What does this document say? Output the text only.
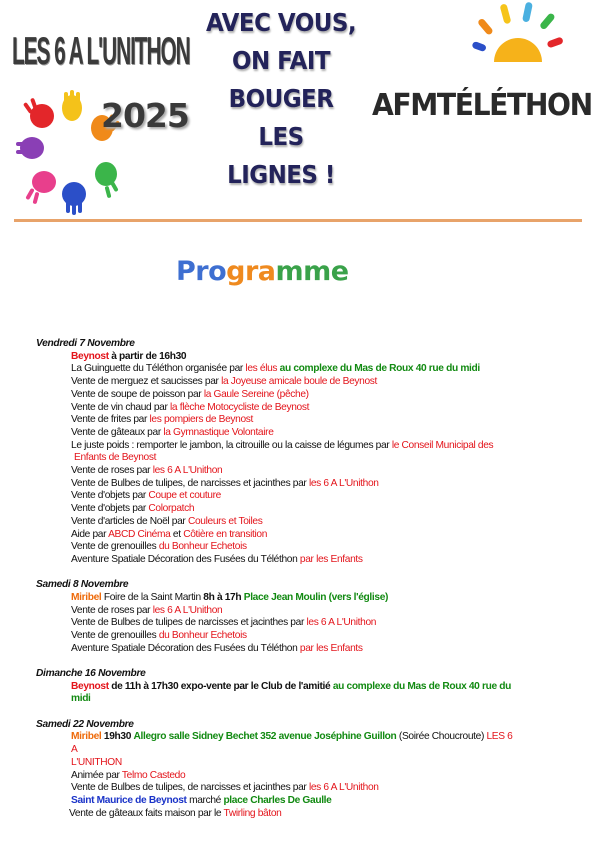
LES 6 A L'UNITHON
2025
AVEC VOUS,
ON FAIT
BOUGER LES
LIGNES !
AFMTÉLÉTHON
Programme
Vendredi 7 Novembre
Beynost à partir de 16h30
La Guinguette du Téléthon organisée par les élus au complexe du Mas de Roux 40 rue du midi
Vente de merguez et saucisses par la Joyeuse amicale boule de Beynost
Vente de soupe de poisson par la Gaule Sereine (pêche)
Vente de vin chaud par la flèche Motocycliste de Beynost
Vente de frites par les pompiers de Beynost
Vente de gâteaux par la Gymnastique Volontaire
Le juste poids : remporter le jambon, la citrouille ou la caisse de légumes par le Conseil Municipal des
Enfants de Beynost
Vente de roses par les 6 A L'Unithon
Vente de Bulbes de tulipes, de narcisses et jacinthes par les 6 A L'Unithon
Vente d'objets par Coupe et couture
Vente d'objets par Colorpatch
Vente d'articles de Noël par Couleurs et Toiles
Aide par ABCD Cinéma et Côtière en transition
Vente de grenouilles du Bonheur Echetois
Aventure Spatiale Décoration des Fusées du Téléthon par les Enfants
Samedi 8 Novembre
Miribel Foire de la Saint Martin 8h à 17h Place Jean Moulin (vers l'église)
Vente de roses par les 6 A L'Unithon
Vente de Bulbes de tulipes de narcisses et jacinthes par les 6 A L'Unithon
Vente de grenouilles du Bonheur Echetois
Aventure Spatiale Décoration des Fusées du Téléthon par les Enfants
Dimanche 16 Novembre
Beynost de 11h à 17h30 expo-vente par le Club de l'amitié au complexe du Mas de Roux 40 rue du midi
Samedi 22 Novembre
Miribel 19h30 Allegro salle Sidney Bechet 352 avenue Joséphine Guillon (Soirée Choucroute) LES 6 A
L'UNITHON
Animée par Telmo Castedo
Vente de Bulbes de tulipes, de narcisses et jacinthes par les 6 A L'Unithon
Saint Maurice de Beynost marché place Charles De Gaulle
Vente de gâteaux faits maison par le Twirling bâton
